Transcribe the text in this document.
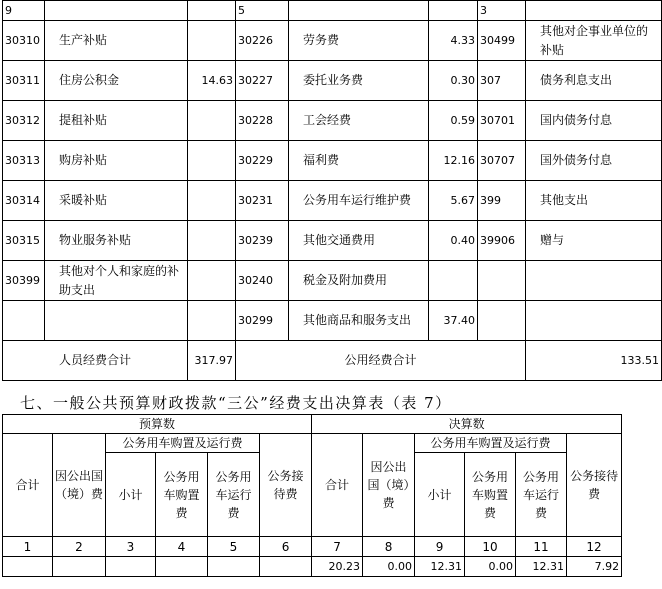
9			5			3	
30310	生产补贴		30226	劳务费	4.33	30499	其他对企事业单位的补贴
30311	住房公积金	14.63	30227	委托业务费	0.30	307	债务利息支出
30312	提租补贴		30228	工会经费	0.59	30701	国内债务付息
30313	购房补贴		30229	福利费	12.16	30707	国外债务付息
30314	采暖补贴		30231	公务用车运行维护费	5.67	399	其他支出
30315	物业服务补贴		30239	其他交通费用	0.40	39906	赠与
30399	其他对个人和家庭的补助支出		30240	税金及附加费用			
			30299	其他商品和服务支出	37.40		
人员经费合计		317.97	公用经费合计				133.51
七、一般公共预算财政拨款“三公”经费支出决算表（表 7）
预算数						决算数					
合计	因公出国（境）费	公务用车购置及运行费			公务接待费	合计	因公出国（境）费	公务用车购置及运行费			公务接待费
		小计	公务用车购置费	公务用车运行费				小计	公务用车购置费	公务用车运行费	
1	2	3	4	5	6	7	8	9	10	11	12
						20.23	0.00	12.31	0.00	12.31	7.92
